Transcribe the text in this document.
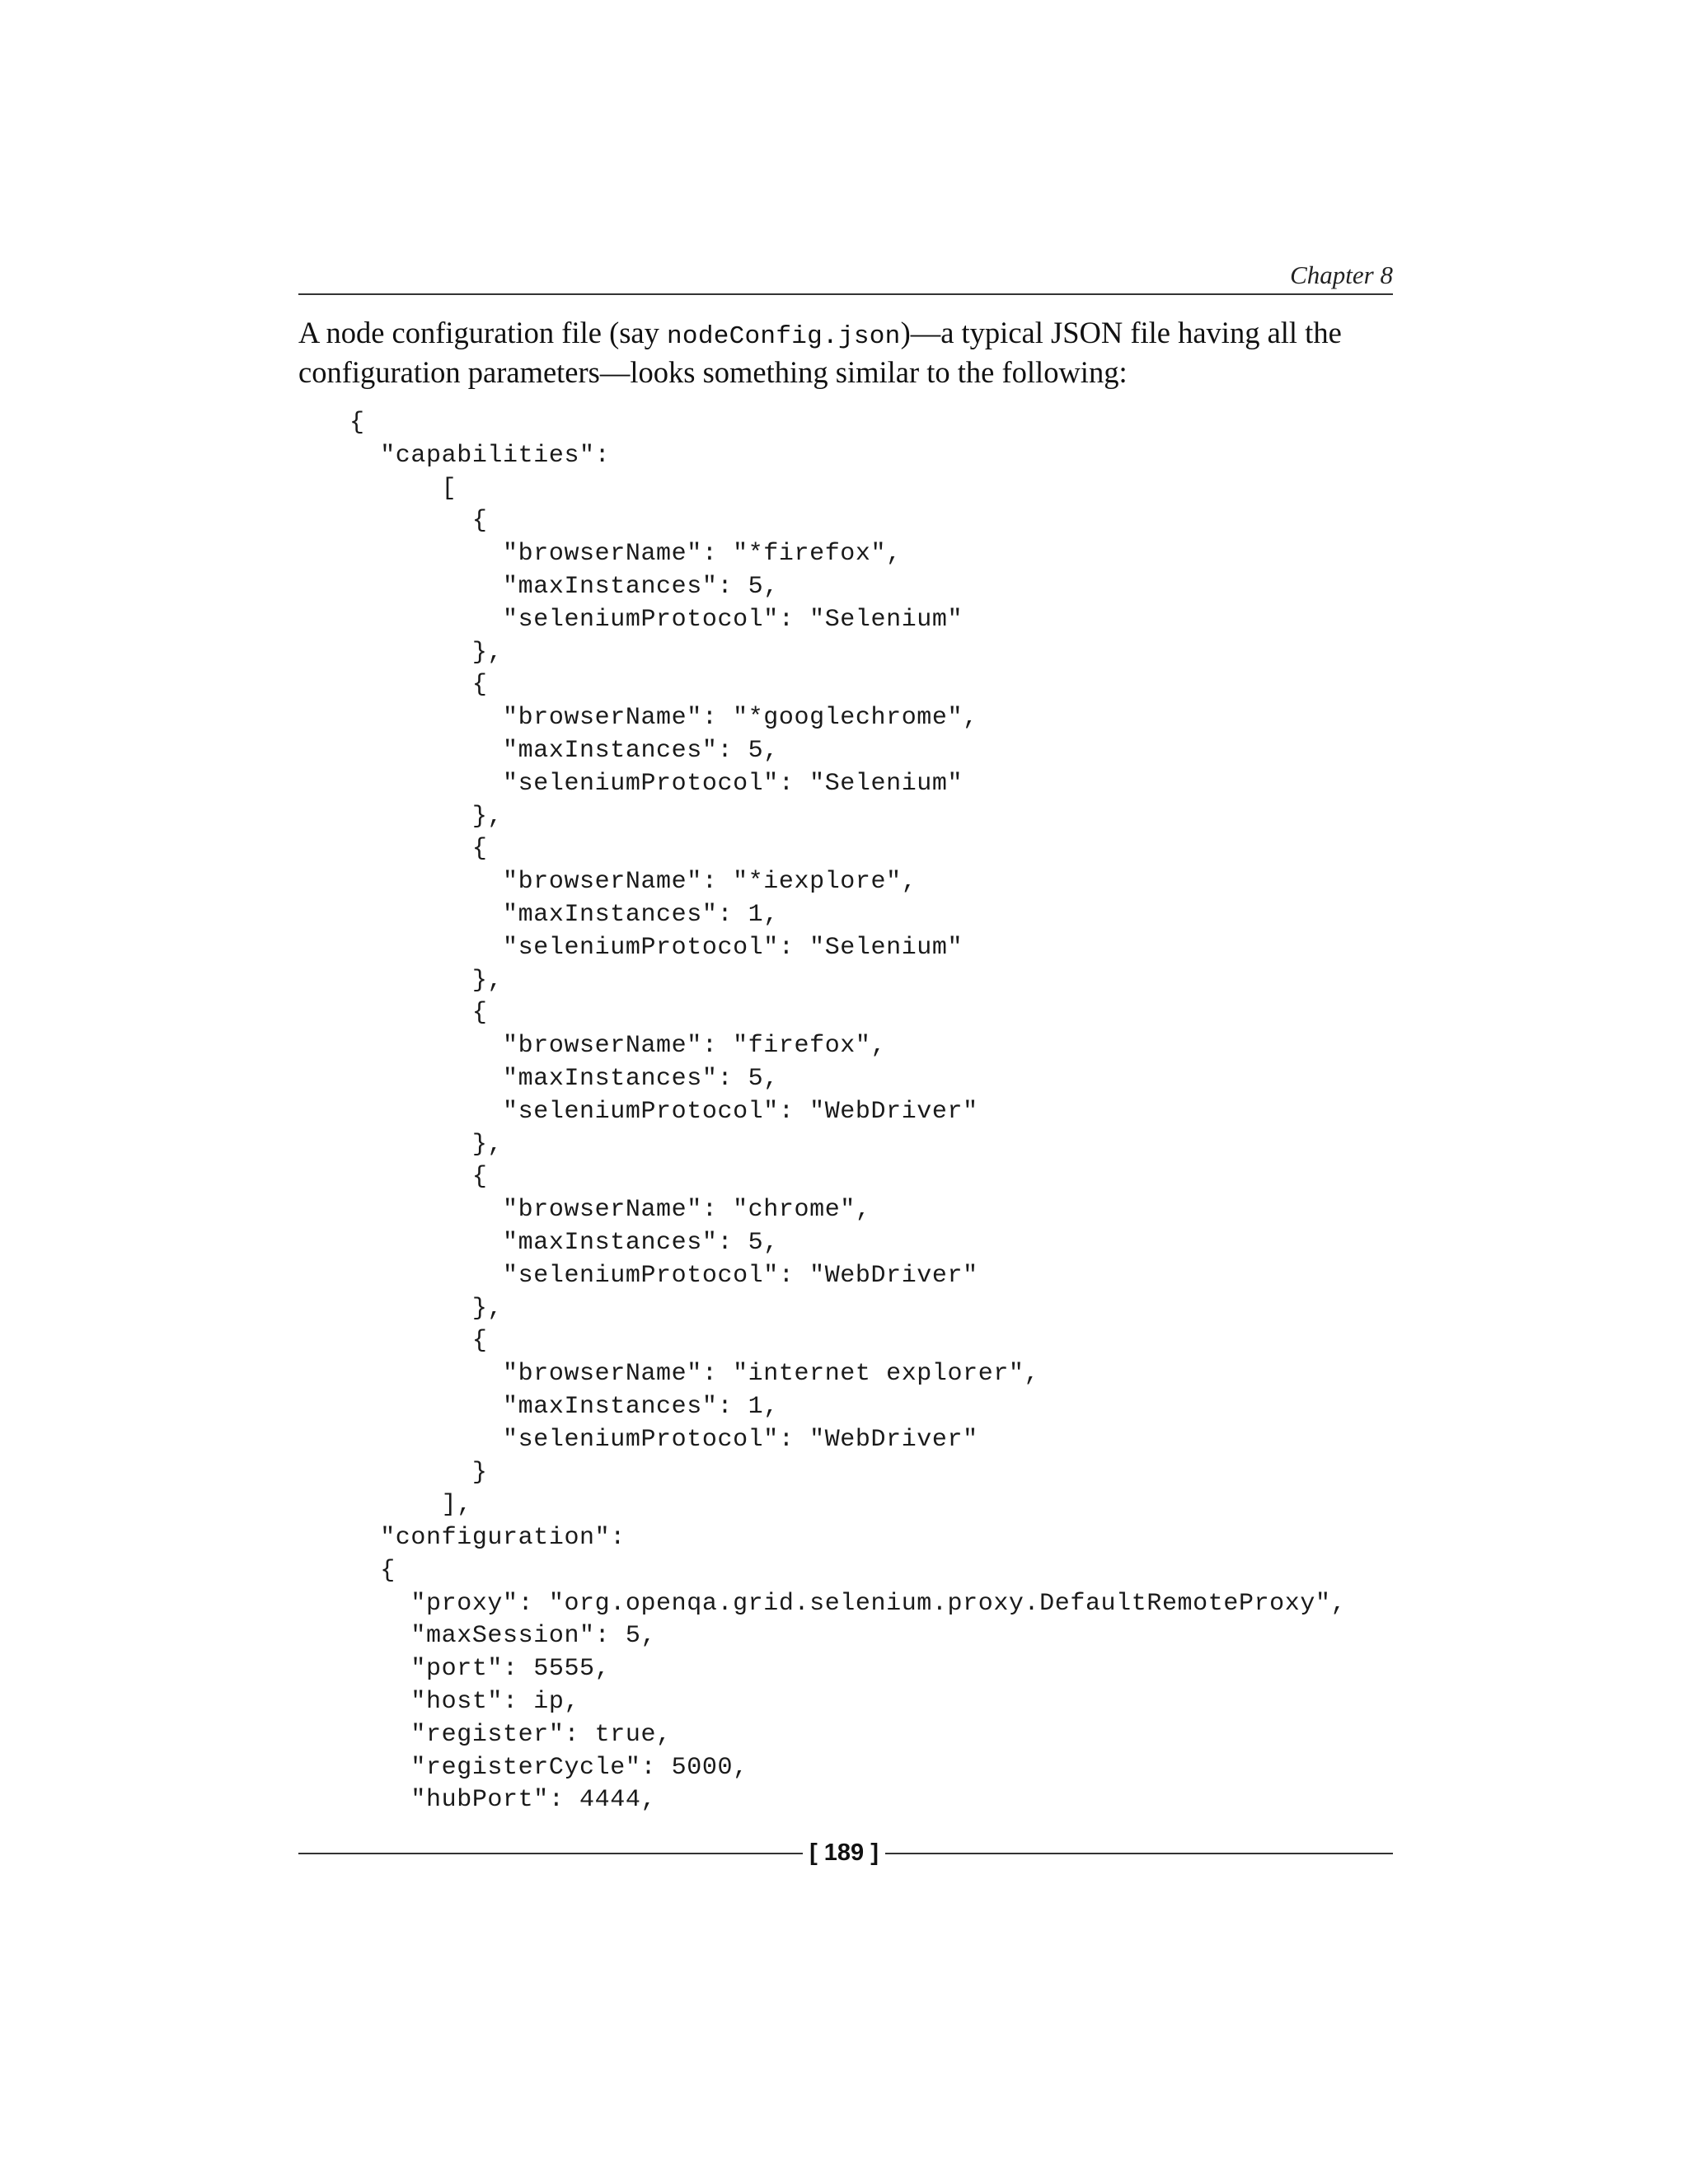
Chapter 8
A node configuration file (say nodeConfig.json)—a typical JSON file having all the
configuration parameters—looks something similar to the following:
{
"capabilities":
[
{
"browserName": "*firefox",
"maxInstances": 5,
"seleniumProtocol": "Selenium"
},
{
"browserName": "*googlechrome",
"maxInstances": 5,
"seleniumProtocol": "Selenium"
},
{
"browserName": "*iexplore",
"maxInstances": 1,
"seleniumProtocol": "Selenium"
},
{
"browserName": "firefox",
"maxInstances": 5,
"seleniumProtocol": "WebDriver"
},
{
"browserName": "chrome",
"maxInstances": 5,
"seleniumProtocol": "WebDriver"
},
{
"browserName": "internet explorer",
"maxInstances": 1,
"seleniumProtocol": "WebDriver"
}
],
"configuration":
{
"proxy": "org.openqa.grid.selenium.proxy.DefaultRemoteProxy",
"maxSession": 5,
"port": 5555,
"host": ip,
"register": true,
"registerCycle": 5000,
"hubPort": 4444,
[ 189 ]
